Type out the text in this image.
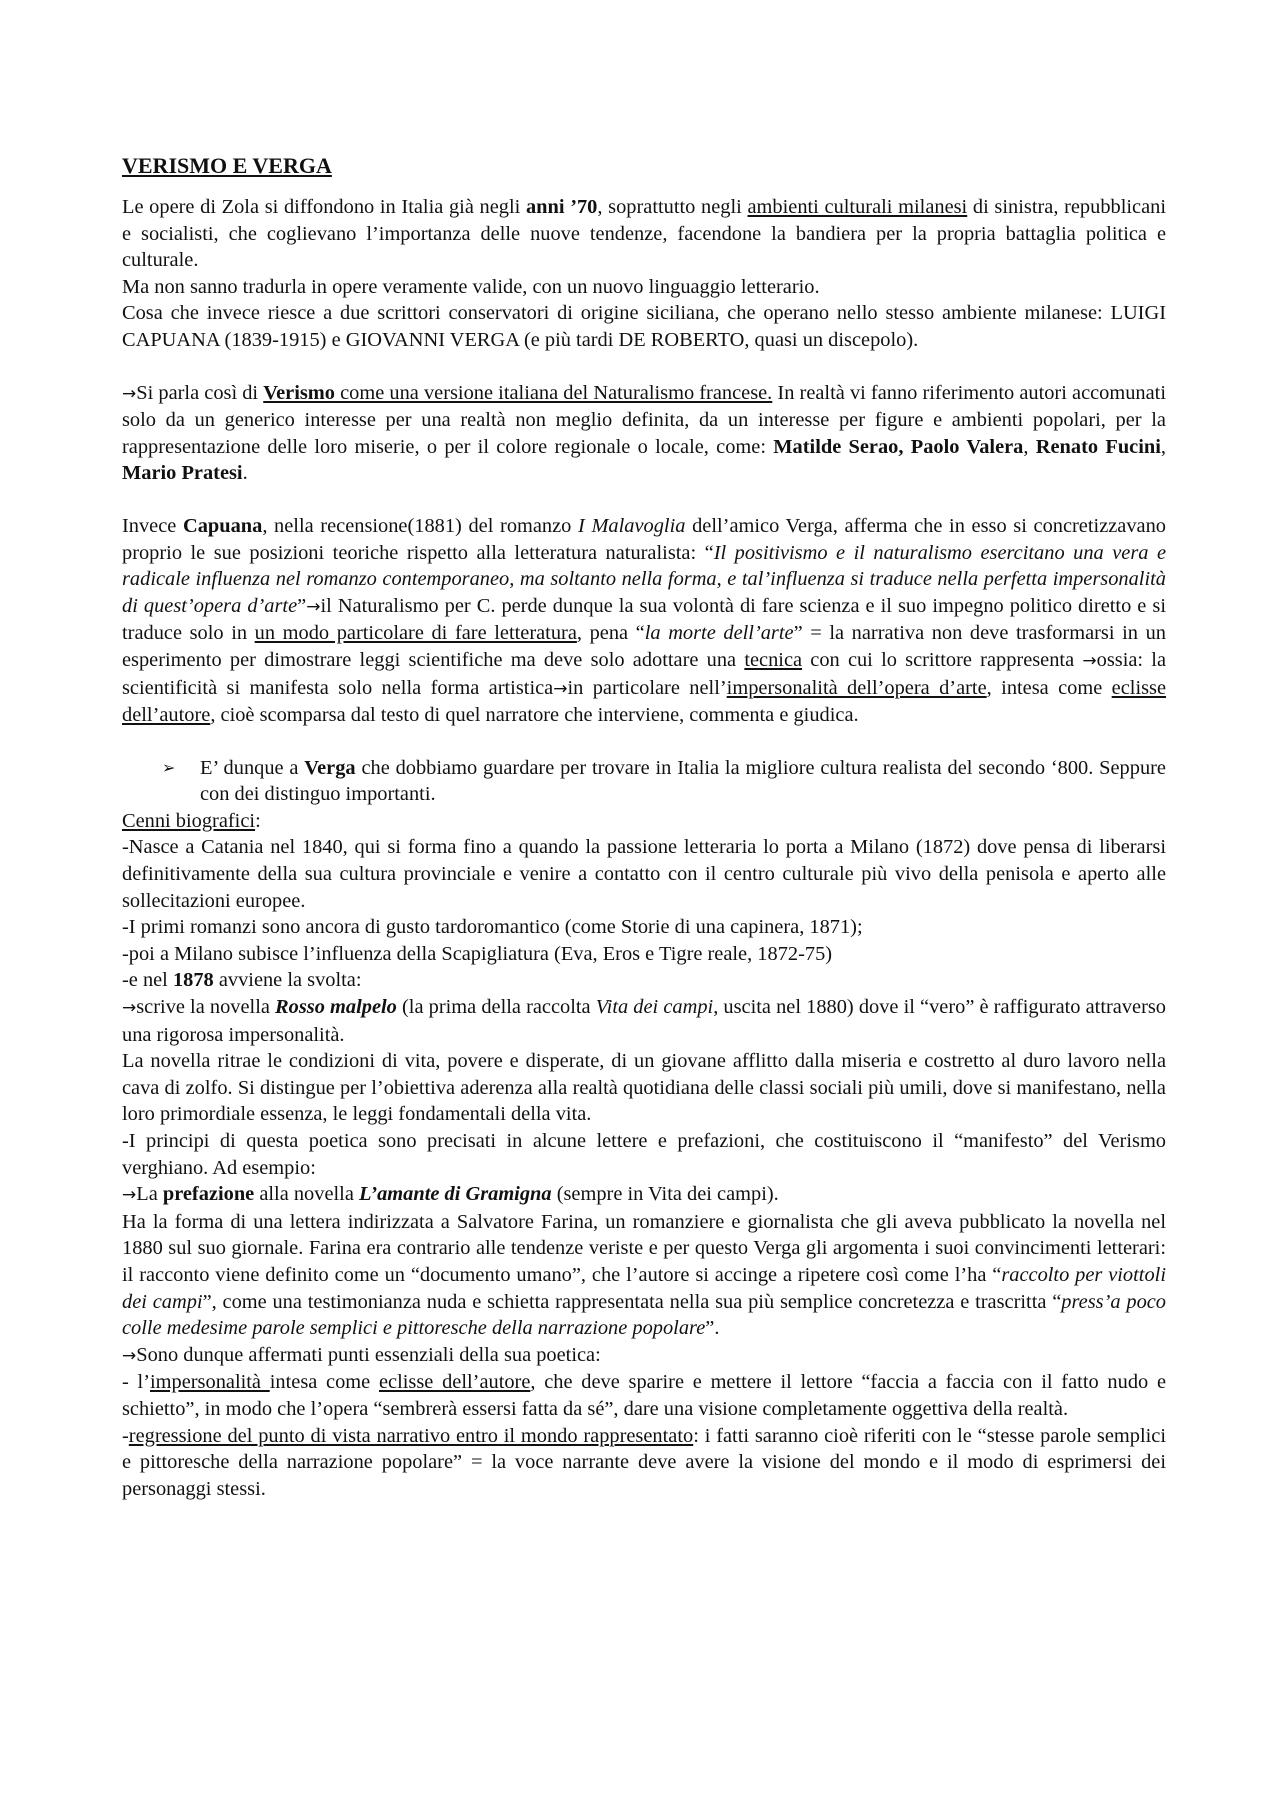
VERISMO E VERGA

Le opere di Zola si diffondono in Italia già negli anni ’70, soprattutto negli ambienti culturali milanesi di sinistra, repubblicani e socialisti, che coglievano l’importanza delle nuove tendenze, facendone la bandiera per la propria battaglia politica e culturale.

Ma non sanno tradurla in opere veramente valide, con un nuovo linguaggio letterario.

Cosa che invece riesce a due scrittori conservatori di origine siciliana, che operano nello stesso ambiente milanese: LUIGI CAPUANA (1839-1915) e GIOVANNI VERGA (e più tardi DE ROBERTO, quasi un discepolo).

→Si parla così di Verismo come una versione italiana del Naturalismo francese. In realtà vi fanno riferimento autori accomunati solo da un generico interesse per una realtà non meglio definita, da un interesse per figure e ambienti popolari, per la rappresentazione delle loro miserie, o per il colore regionale o locale, come: Matilde Serao, Paolo Valera, Renato Fucini, Mario Pratesi.

Invece Capuana, nella recensione(1881) del romanzo I Malavoglia dell’amico Verga, afferma che in esso si concretizzavano proprio le sue posizioni teoriche rispetto alla letteratura naturalista: “Il positivismo e il naturalismo esercitano una vera e radicale influenza nel romanzo contemporaneo, ma soltanto nella forma, e tal’influenza si traduce nella perfetta impersonalità di quest’opera d’arte”→il Naturalismo per C. perde dunque la sua volontà di fare scienza e il suo impegno politico diretto e si traduce solo in un modo particolare di fare letteratura, pena “la morte dell’arte” = la narrativa non deve trasformarsi in un esperimento per dimostrare leggi scientifiche ma deve solo adottare una tecnica con cui lo scrittore rappresenta →ossia: la scientificità si manifesta solo nella forma artistica→in particolare nell’impersonalità dell’opera d’arte, intesa come eclisse dell’autore, cioè scomparsa dal testo di quel narratore che interviene, commenta e giudica.

➢ E’ dunque a Verga che dobbiamo guardare per trovare in Italia la migliore cultura realista del secondo ‘800. Seppure con dei distinguo importanti.

Cenni biografici:

-Nasce a Catania nel 1840, qui si forma fino a quando la passione letteraria lo porta a Milano (1872) dove pensa di liberarsi definitivamente della sua cultura provinciale e venire a contatto con il centro culturale più vivo della penisola e aperto alle sollecitazioni europee.

-I primi romanzi sono ancora di gusto tardoromantico (come Storie di una capinera, 1871);

-poi a Milano subisce l’influenza della Scapigliatura (Eva, Eros e Tigre reale, 1872-75)

-e nel 1878 avviene la svolta:

→scrive la novella Rosso malpelo (la prima della raccolta Vita dei campi, uscita nel 1880) dove il “vero” è raffigurato attraverso una rigorosa impersonalità.

La novella ritrae le condizioni di vita, povere e disperate, di un giovane afflitto dalla miseria e costretto al duro lavoro nella cava di zolfo. Si distingue per l’obiettiva aderenza alla realtà quotidiana delle classi sociali più umili, dove si manifestano, nella loro primordiale essenza, le leggi fondamentali della vita.

-I principi di questa poetica sono precisati in alcune lettere e prefazioni, che costituiscono il “manifesto” del Verismo verghiano. Ad esempio:

→La prefazione alla novella L’amante di Gramigna (sempre in Vita dei campi).

Ha la forma di una lettera indirizzata a Salvatore Farina, un romanziere e giornalista che gli aveva pubblicato la novella nel 1880 sul suo giornale. Farina era contrario alle tendenze veriste e per questo Verga gli argomenta i suoi convincimenti letterari: il racconto viene definito come un “documento umano”, che l’autore si accinge a ripetere così come l’ha “raccolto per viottoli dei campi”, come una testimonianza nuda e schietta rappresentata nella sua più semplice concretezza e trascritta “press’a poco colle medesime parole semplici e pittoresche della narrazione popolare”.

→Sono dunque affermati punti essenziali della sua poetica:

- l’impersonalità intesa come eclisse dell’autore, che deve sparire e mettere il lettore “faccia a faccia con il fatto nudo e schietto”, in modo che l’opera “sembrerà essersi fatta da sé”, dare una visione completamente oggettiva della realtà.

-regressione del punto di vista narrativo entro il mondo rappresentato: i fatti saranno cioè riferiti con le “stesse parole semplici e pittoresche della narrazione popolare” = la voce narrante deve avere la visione del mondo e il modo di esprimersi dei personaggi stessi.
